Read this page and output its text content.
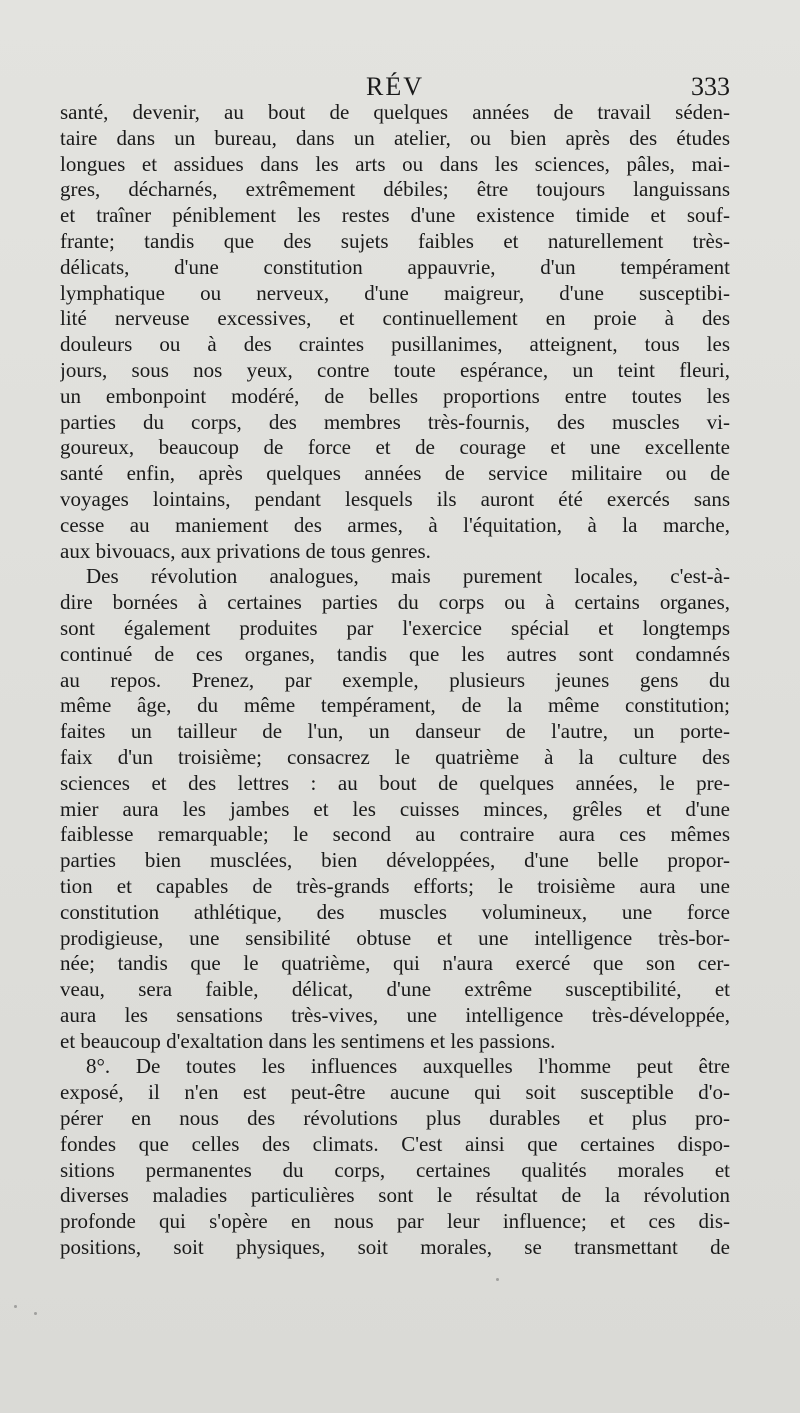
RÉV	333
santé, devenir, au bout de quelques années de travail séden-
taire dans un bureau, dans un atelier, ou bien après des études
longues et assidues dans les arts ou dans les sciences, pâles, mai-
gres, décharnés, extrêmement débiles; être toujours languissans
et traîner péniblement les restes d'une existence timide et souf-
frante; tandis que des sujets faibles et naturellement très-
délicats, d'une constitution appauvrie, d'un tempérament
lymphatique ou nerveux, d'une maigreur, d'une susceptibi-
lité nerveuse excessives, et continuellement en proie à des
douleurs ou à des craintes pusillanimes, atteignent, tous les
jours, sous nos yeux, contre toute espérance, un teint fleuri,
un embonpoint modéré, de belles proportions entre toutes les
parties du corps, des membres très-fournis, des muscles vi-
goureux, beaucoup de force et de courage et une excellente
santé enfin, après quelques années de service militaire ou de
voyages lointains, pendant lesquels ils auront été exercés sans
cesse au maniement des armes, à l'équitation, à la marche,
aux bivouacs, aux privations de tous genres.
Des révolution analogues, mais purement locales, c'est-à-
dire bornées à certaines parties du corps ou à certains organes,
sont également produites par l'exercice spécial et longtemps
continué de ces organes, tandis que les autres sont condamnés
au repos. Prenez, par exemple, plusieurs jeunes gens du
même âge, du même tempérament, de la même constitution;
faites un tailleur de l'un, un danseur de l'autre, un porte-
faix d'un troisième; consacrez le quatrième à la culture des
sciences et des lettres : au bout de quelques années, le pre-
mier aura les jambes et les cuisses minces, grêles et d'une
faiblesse remarquable; le second au contraire aura ces mêmes
parties bien musclées, bien développées, d'une belle propor-
tion et capables de très-grands efforts; le troisième aura une
constitution athlétique, des muscles volumineux, une force
prodigieuse, une sensibilité obtuse et une intelligence très-bor-
née; tandis que le quatrième, qui n'aura exercé que son cer-
veau, sera faible, délicat, d'une extrême susceptibilité, et
aura les sensations très-vives, une intelligence très-développée,
et beaucoup d'exaltation dans les sentimens et les passions.
8°. De toutes les influences auxquelles l'homme peut être
exposé, il n'en est peut-être aucune qui soit susceptible d'o-
pérer en nous des révolutions plus durables et plus pro-
fondes que celles des climats. C'est ainsi que certaines dispo-
sitions permanentes du corps, certaines qualités morales et
diverses maladies particulières sont le résultat de la révolution
profonde qui s'opère en nous par leur influence; et ces dis-
positions, soit physiques, soit morales, se transmettant de
